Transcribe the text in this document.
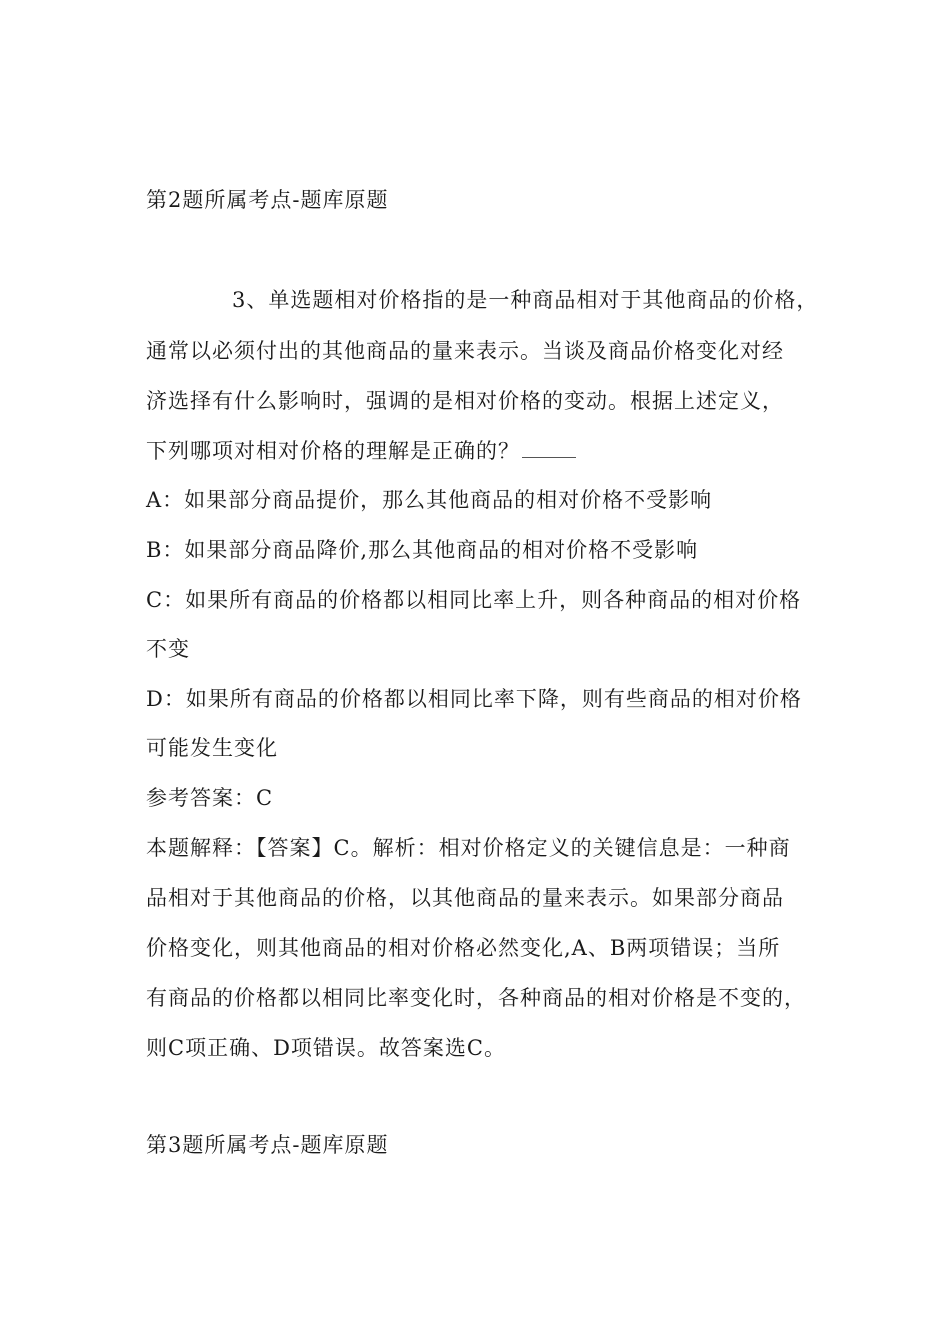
第2题所属考点-题库原题
3、单选题相对价格指的是一种商品相对于其他商品的价格，
通常以必须付出的其他商品的量来表示。当谈及商品价格变化对经
济选择有什么影响时，强调的是相对价格的变动。根据上述定义，
下列哪项对相对价格的理解是正确的？
A：如果部分商品提价，那么其他商品的相对价格不受影响
B：如果部分商品降价,那么其他商品的相对价格不受影响
C：如果所有商品的价格都以相同比率上升，则各种商品的相对价格
不变
D：如果所有商品的价格都以相同比率下降，则有些商品的相对价格
可能发生变化
参考答案：C
本题解释：【答案】C。解析：相对价格定义的关键信息是：一种商
品相对于其他商品的价格，以其他商品的量来表示。如果部分商品
价格变化，则其他商品的相对价格必然变化,A、B两项错误；当所
有商品的价格都以相同比率变化时，各种商品的相对价格是不变的，
则C项正确、D项错误。故答案选C。
第3题所属考点-题库原题
